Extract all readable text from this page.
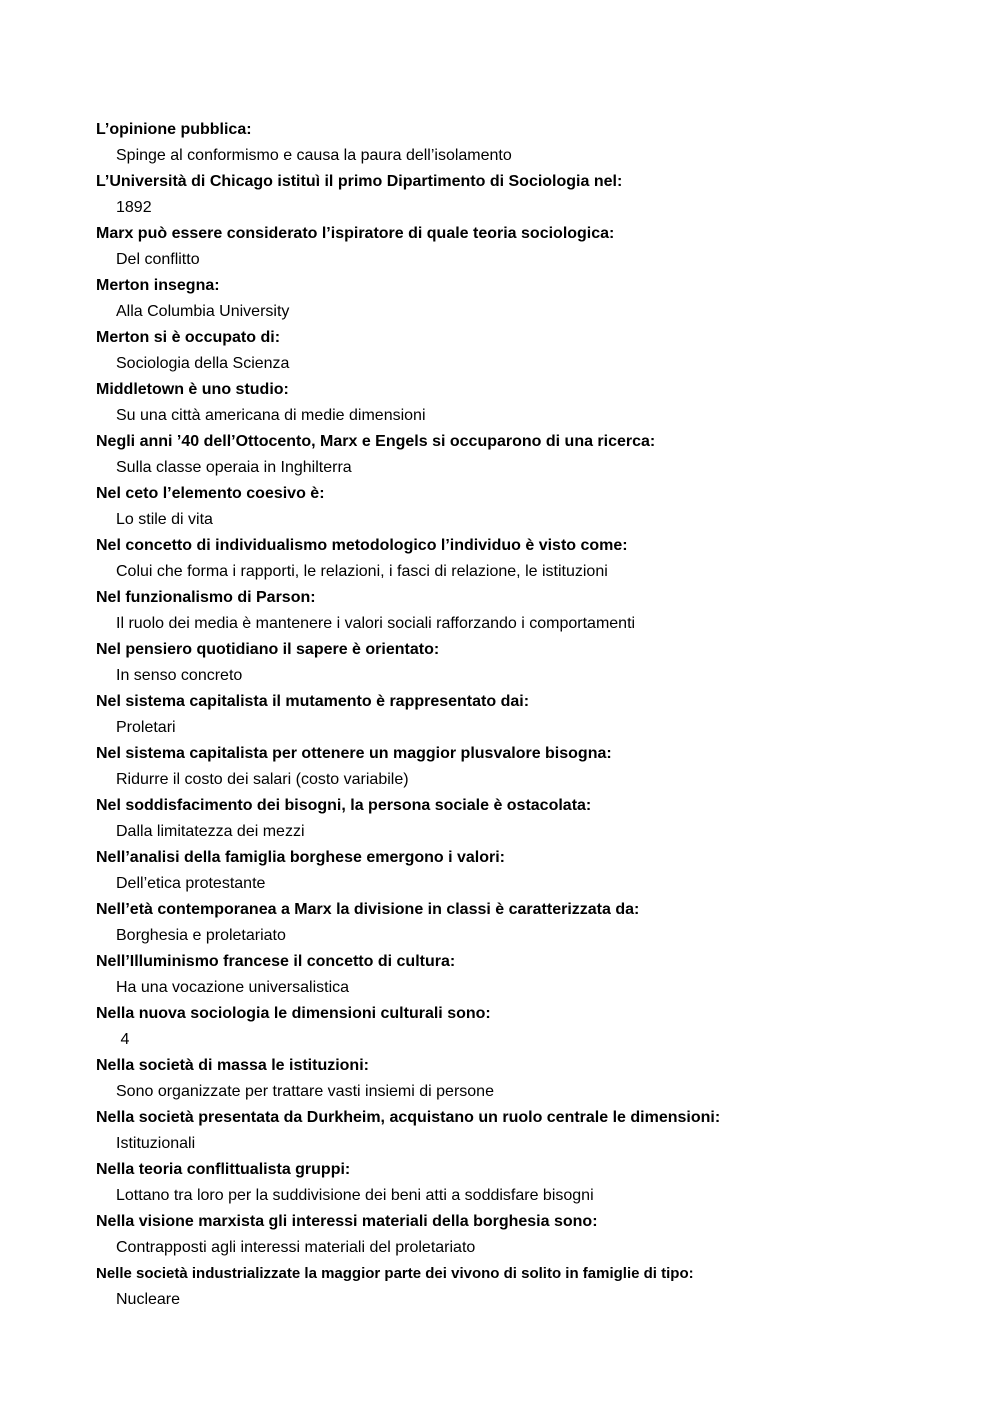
L’opinione pubblica:
Spinge al conformismo e causa la paura dell’isolamento
L’Università di Chicago istituì il primo Dipartimento di Sociologia nel:
1892
Marx può essere considerato l’ispiratore di quale teoria sociologica:
Del conflitto
Merton insegna:
Alla Columbia University
Merton si è occupato di:
Sociologia della Scienza
Middletown è uno studio:
Su una città americana di medie dimensioni
Negli anni ’40 dell’Ottocento, Marx e Engels si occuparono di una ricerca:
Sulla classe operaia in Inghilterra
Nel ceto l’elemento coesivo è:
Lo stile di vita
Nel concetto di individualismo metodologico l’individuo è visto come:
Colui che forma i rapporti, le relazioni, i fasci di relazione, le istituzioni
Nel funzionalismo di Parson:
Il ruolo dei media è mantenere i valori sociali rafforzando i comportamenti
Nel pensiero quotidiano il sapere è orientato:
In senso concreto
Nel sistema capitalista il mutamento è rappresentato dai:
Proletari
Nel sistema capitalista per ottenere un maggior plusvalore bisogna:
Ridurre il costo dei salari (costo variabile)
Nel soddisfacimento dei bisogni, la persona sociale è ostacolata:
Dalla limitatezza dei mezzi
Nell’analisi della famiglia borghese emergono i valori:
Dell’etica protestante
Nell’età contemporanea a Marx la divisione in classi è caratterizzata da:
Borghesia e proletariato
Nell’Illuminismo francese il concetto di cultura:
Ha una vocazione universalistica
Nella nuova sociologia le dimensioni culturali sono:
4
Nella società di massa le istituzioni:
Sono organizzate per trattare vasti insiemi di persone
Nella società presentata da Durkheim, acquistano un ruolo centrale le dimensioni:
Istituzionali
Nella teoria conflittualista gruppi:
Lottano tra loro per la suddivisione dei beni atti a soddisfare bisogni
Nella visione marxista gli interessi materiali della borghesia sono:
Contrapposti agli interessi materiali del proletariato
Nelle società industrializzate la maggior parte dei vivono di solito in famiglie di tipo:
Nucleare
